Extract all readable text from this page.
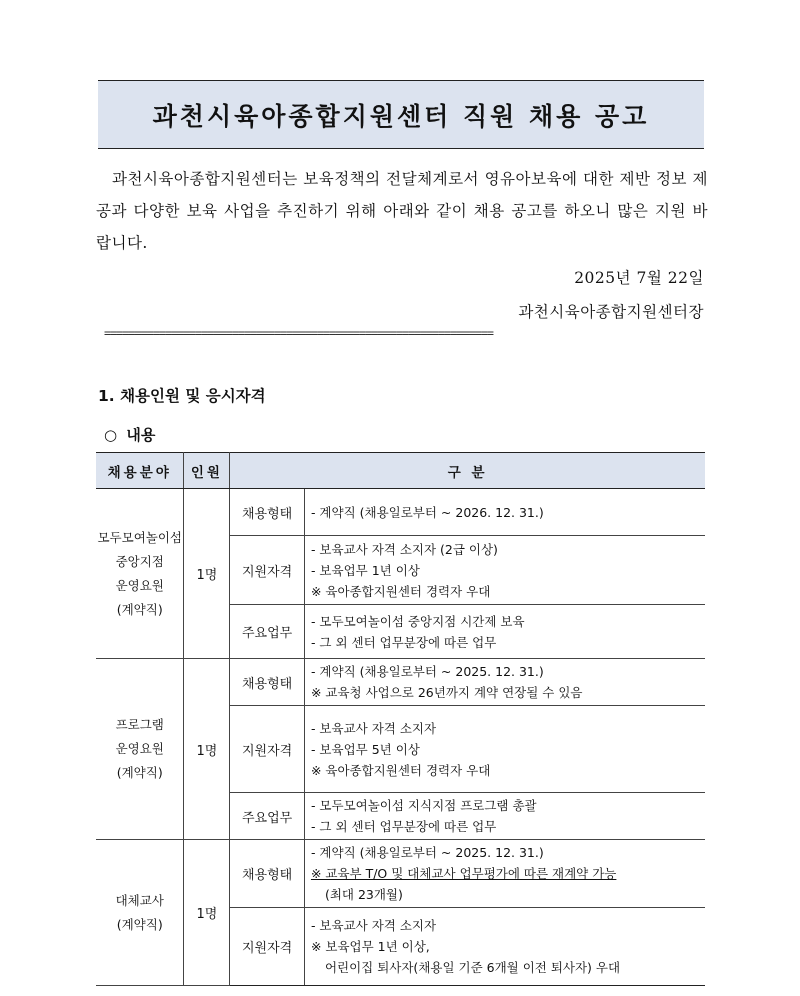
과천시육아종합지원센터 직원 채용 공고

과천시육아종합지원센터는 보육정책의 전달체계로서 영유아보육에 대한 제반 정보 제공과 다양한 보육 사업을 추진하기 위해 아래와 같이 채용 공고를 하오니 많은 지원 바랍니다.

2025년 7월 22일
과천시육아종합지원센터장
================================================================
1. 채용인원 및 응시자격
○ 내용
채용분야	인원	구 분	

모두모여놀이섬
중앙지점
운영요원
(계약직)	1명	채용형태	- 계약직 (채용일로부터 ~ 2026. 12. 31.)

		지원자격	- 보육교사 자격 소지자 (2급 이상)
- 보육업무 1년 이상
※ 육아종합지원센터 경력자 우대

		주요업무	- 모두모여놀이섬 중앙지점 시간제 보육
- 그 외 센터 업무분장에 따른 업무

프로그램
운영요원
(계약직)	1명	채용형태	- 계약직 (채용일로부터 ~ 2025. 12. 31.)
※ 교육청 사업으로 26년까지 계약 연장될 수 있음

		지원자격	- 보육교사 자격 소지자
- 보육업무 5년 이상
※ 육아종합지원센터 경력자 우대

		주요업무	- 모두모여놀이섬 지식지점 프로그램 총괄
- 그 외 센터 업무분장에 따른 업무

대체교사
(계약직)	1명	채용형태	- 계약직 (채용일로부터 ~ 2025. 12. 31.)
※ 교육부 T/O 및 대체교사 업무평가에 따른 재계약 가능
(최대 23개월)

		지원자격	- 보육교사 자격 소지자
※ 보육업무 1년 이상,
어린이집 퇴사자(채용일 기준 6개월 이전 퇴사자) 우대
